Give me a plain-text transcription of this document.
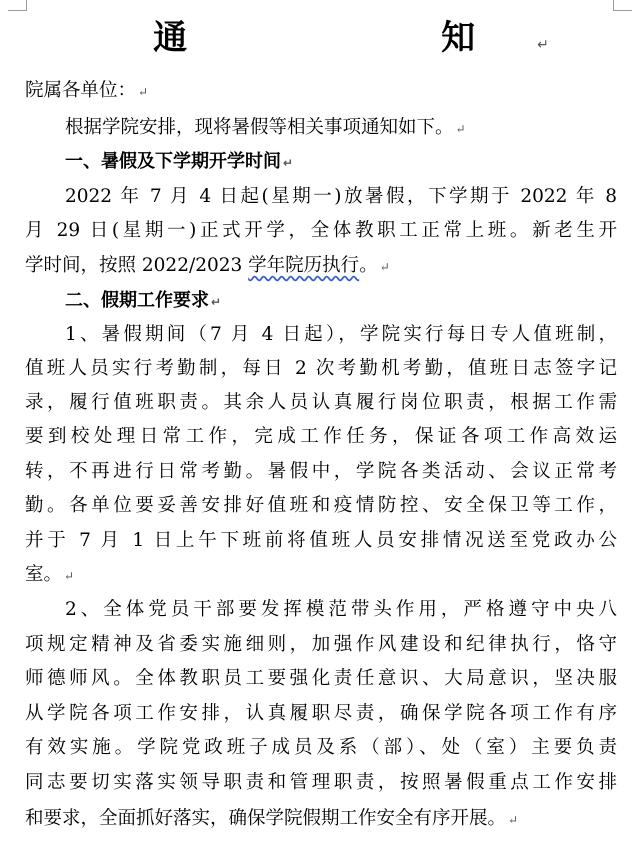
通　　知↵
院属各单位： ↵
根据学院安排，现将暑假等相关事项通知如下。 ↵
一、暑假及下学期开学时间 ↵
2022 年 7 月 4 日起(星期一)放暑假，下学期于 2022 年 8
月 29 日(星期一)正式开学，全体教职工正常上班。新老生开
学时间，按照 2022/2023 学年院历执行。 ↵
二、假期工作要求 ↵
1、暑假期间（7 月 4 日起），学院实行每日专人值班制，
值班人员实行考勤制，每日 2 次考勤机考勤，值班日志签字记
录，履行值班职责。其余人员认真履行岗位职责，根据工作需
要到校处理日常工作，完成工作任务，保证各项工作高效运
转，不再进行日常考勤。暑假中，学院各类活动、会议正常考
勤。各单位要妥善安排好值班和疫情防控、安全保卫等工作，
并于 7 月 1 日上午下班前将值班人员安排情况送至党政办公
室。 ↵
2、全体党员干部要发挥模范带头作用，严格遵守中央八
项规定精神及省委实施细则，加强作风建设和纪律执行，恪守
师德师风。全体教职员工要强化责任意识、大局意识，坚决服
从学院各项工作安排，认真履职尽责，确保学院各项工作有序
有效实施。学院党政班子成员及系（部）、处（室）主要负责
同志要切实落实领导职责和管理职责，按照暑假重点工作安排
和要求，全面抓好落实，确保学院假期工作安全有序开展。 ↵
